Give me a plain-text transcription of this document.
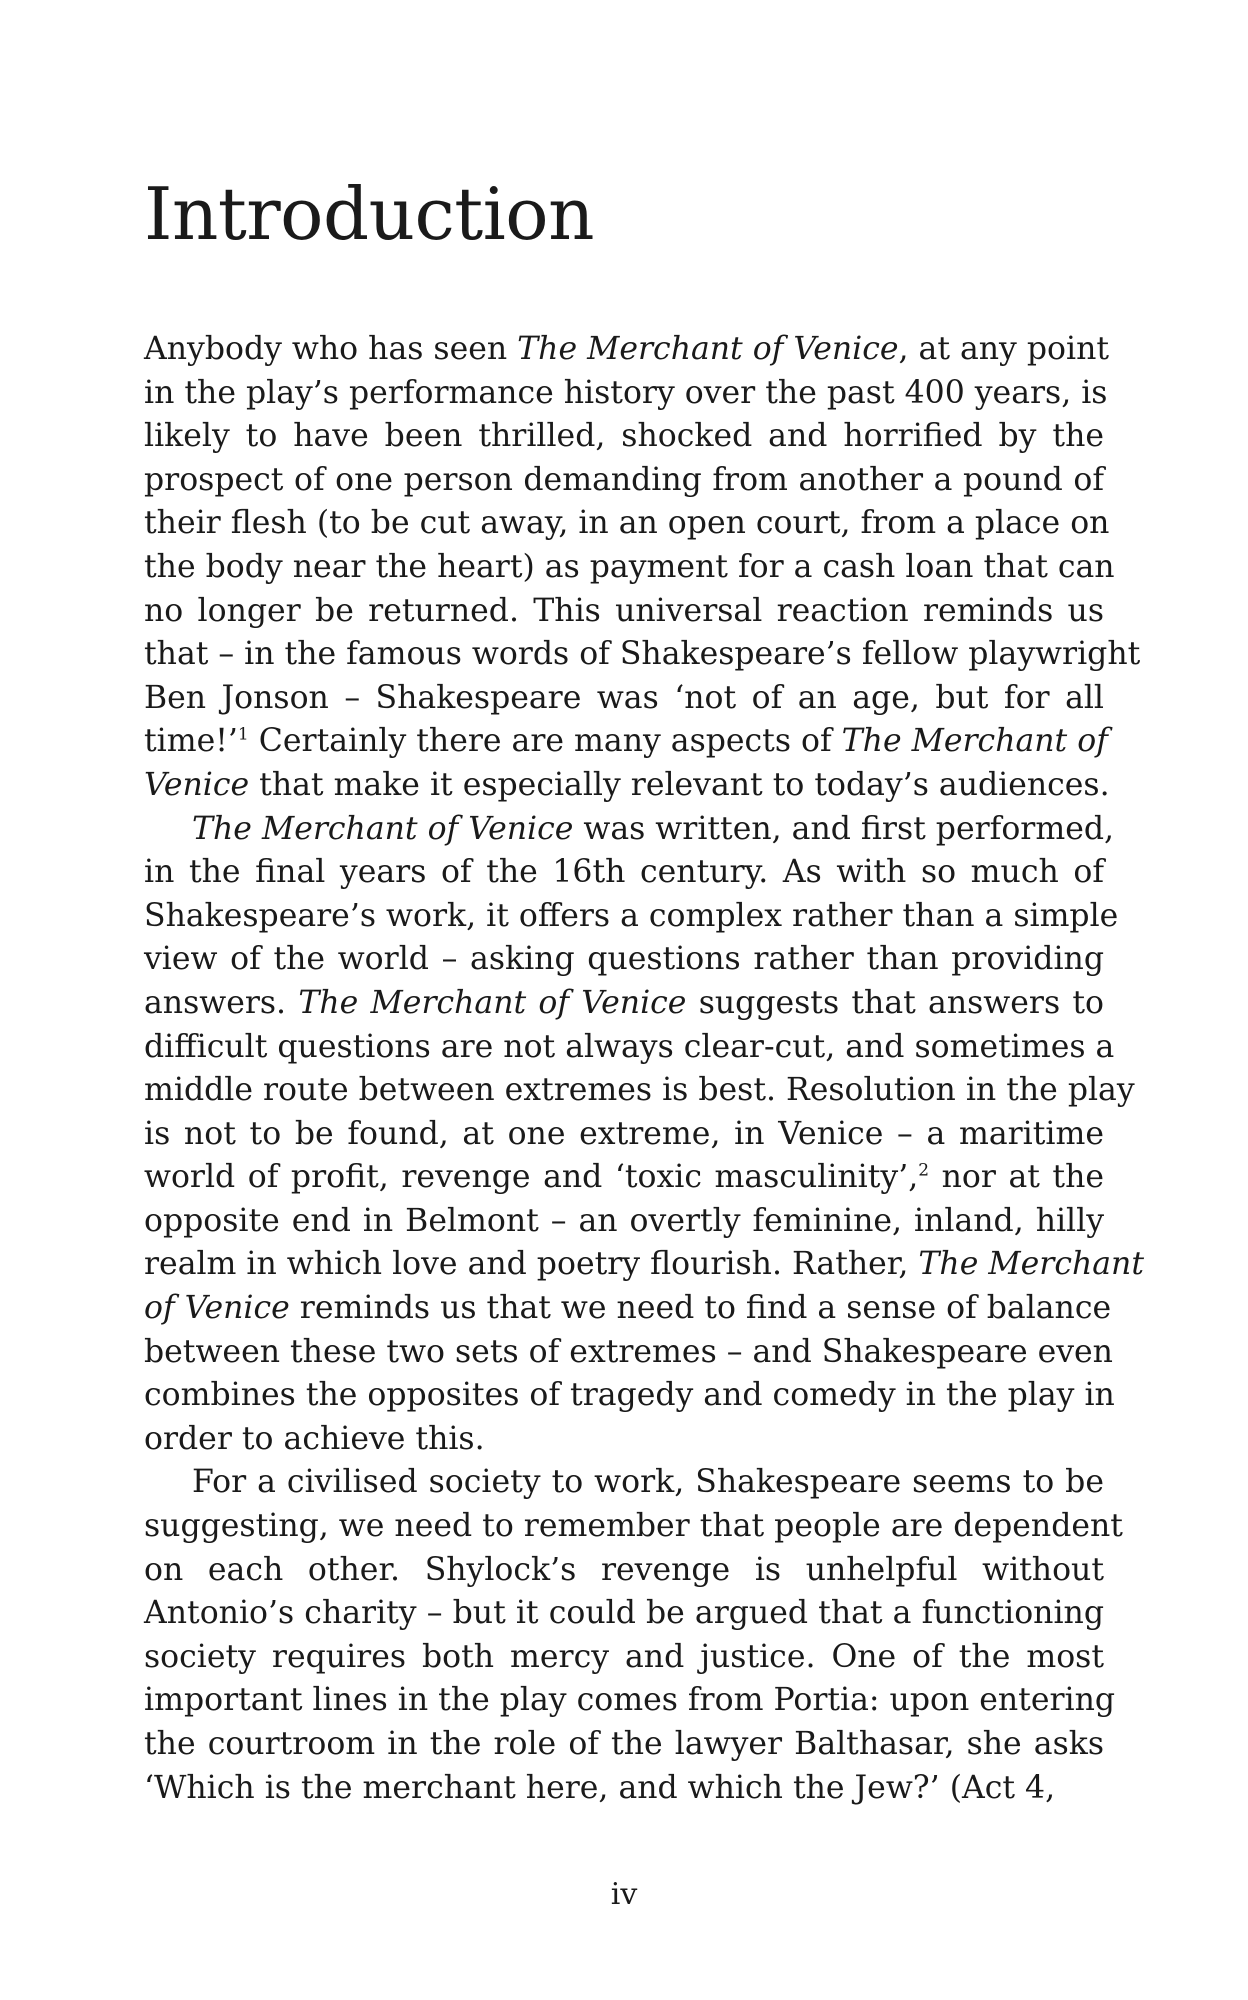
Introduction
Anybody who has seen The Merchant of Venice, at any point
in the play’s performance history over the past 400 years, is
likely to have been thrilled, shocked and horrified by the
prospect of one person demanding from another a pound of
their flesh (to be cut away, in an open court, from a place on
the body near the heart) as payment for a cash loan that can
no longer be returned. This universal reaction reminds us
that – in the famous words of Shakespeare’s fellow playwright
Ben Jonson – Shakespeare was ‘not of an age, but for all
time!’$^1$ Certainly there are many aspects of The Merchant of
Venice that make it especially relevant to today’s audiences.
The Merchant of Venice was written, and first performed,
in the final years of the 16th century. As with so much of
Shakespeare’s work, it offers a complex rather than a simple
view of the world – asking questions rather than providing
answers. The Merchant of Venice suggests that answers to
difficult questions are not always clear-cut, and sometimes a
middle route between extremes is best. Resolution in the play
is not to be found, at one extreme, in Venice – a maritime
world of profit, revenge and ‘toxic masculinity’,$^2$ nor at the
opposite end in Belmont – an overtly feminine, inland, hilly
realm in which love and poetry flourish. Rather, The Merchant
of Venice reminds us that we need to find a sense of balance
between these two sets of extremes – and Shakespeare even
combines the opposites of tragedy and comedy in the play in
order to achieve this.
For a civilised society to work, Shakespeare seems to be
suggesting, we need to remember that people are dependent
on each other. Shylock’s revenge is unhelpful without
Antonio’s charity – but it could be argued that a functioning
society requires both mercy and justice. One of the most
important lines in the play comes from Portia: upon entering
the courtroom in the role of the lawyer Balthasar, she asks
‘Which is the merchant here, and which the Jew?’ (Act 4,
iv
